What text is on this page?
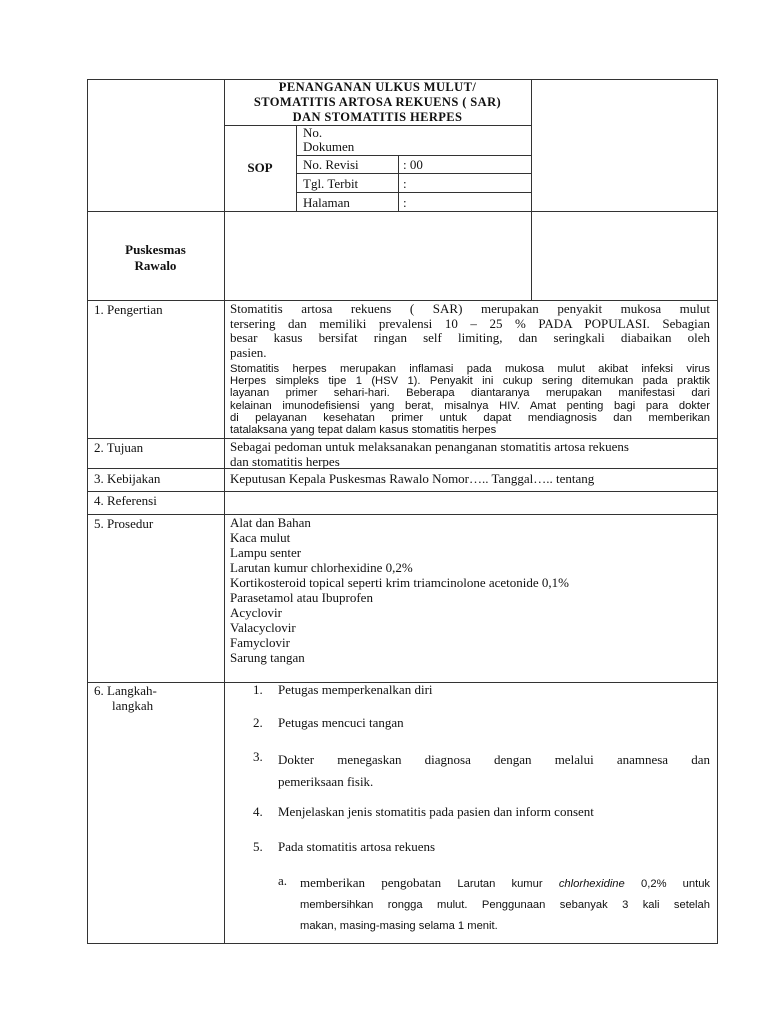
PENANGANAN ULKUS MULUT/
STOMATITIS ARTOSA REKUENS ( SAR)
DAN STOMATITIS HERPES
SOP
No.
Dokumen
No. Revisi	: 00
Tgl. Terbit	:
Halaman	:
Puskesmas
Rawalo
1. Pengertian	Stomatitis artosa rekuens ( SAR) merupakan penyakit mukosa mulut
tersering dan memiliki prevalensi 10 – 25 % PADA POPULASI. Sebagian
besar kasus bersifat ringan self limiting, dan seringkali diabaikan oleh
pasien.
Stomatitis herpes merupakan inflamasi pada mukosa mulut akibat infeksi virus
Herpes simpleks tipe 1 (HSV 1). Penyakit ini cukup sering ditemukan pada praktik
layanan primer sehari-hari. Beberapa diantaranya merupakan manifestasi dari
kelainan imunodefisiensi yang berat, misalnya HIV. Amat penting bagi para dokter
di pelayanan kesehatan primer untuk dapat mendiagnosis dan memberikan
tatalaksana yang tepat dalam kasus stomatitis herpes
2. Tujuan	Sebagai pedoman untuk melaksanakan penanganan stomatitis artosa rekuens
dan stomatitis herpes
3. Kebijakan	Keputusan Kepala Puskesmas Rawalo Nomor….. Tanggal….. tentang
4. Referensi
5. Prosedur	Alat dan Bahan
Kaca mulut
Lampu senter
Larutan kumur chlorhexidine 0,2%
Kortikosteroid topical seperti krim triamcinolone acetonide 0,1%
Parasetamol atau Ibuprofen
Acyclovir
Valacyclovir
Famyclovir
Sarung tangan
6. Langkah-
langkah
1. Petugas memperkenalkan diri
2. Petugas mencuci tangan
3. Dokter menegaskan diagnosa dengan melalui anamnesa dan
pemeriksaan fisik.
4. Menjelaskan jenis stomatitis pada pasien dan inform consent
5. Pada stomatitis artosa rekuens
a. memberikan pengobatan Larutan kumur chlorhexidine 0,2% untuk
membersihkan rongga mulut. Penggunaan sebanyak 3 kali setelah
makan, masing-masing selama 1 menit.
